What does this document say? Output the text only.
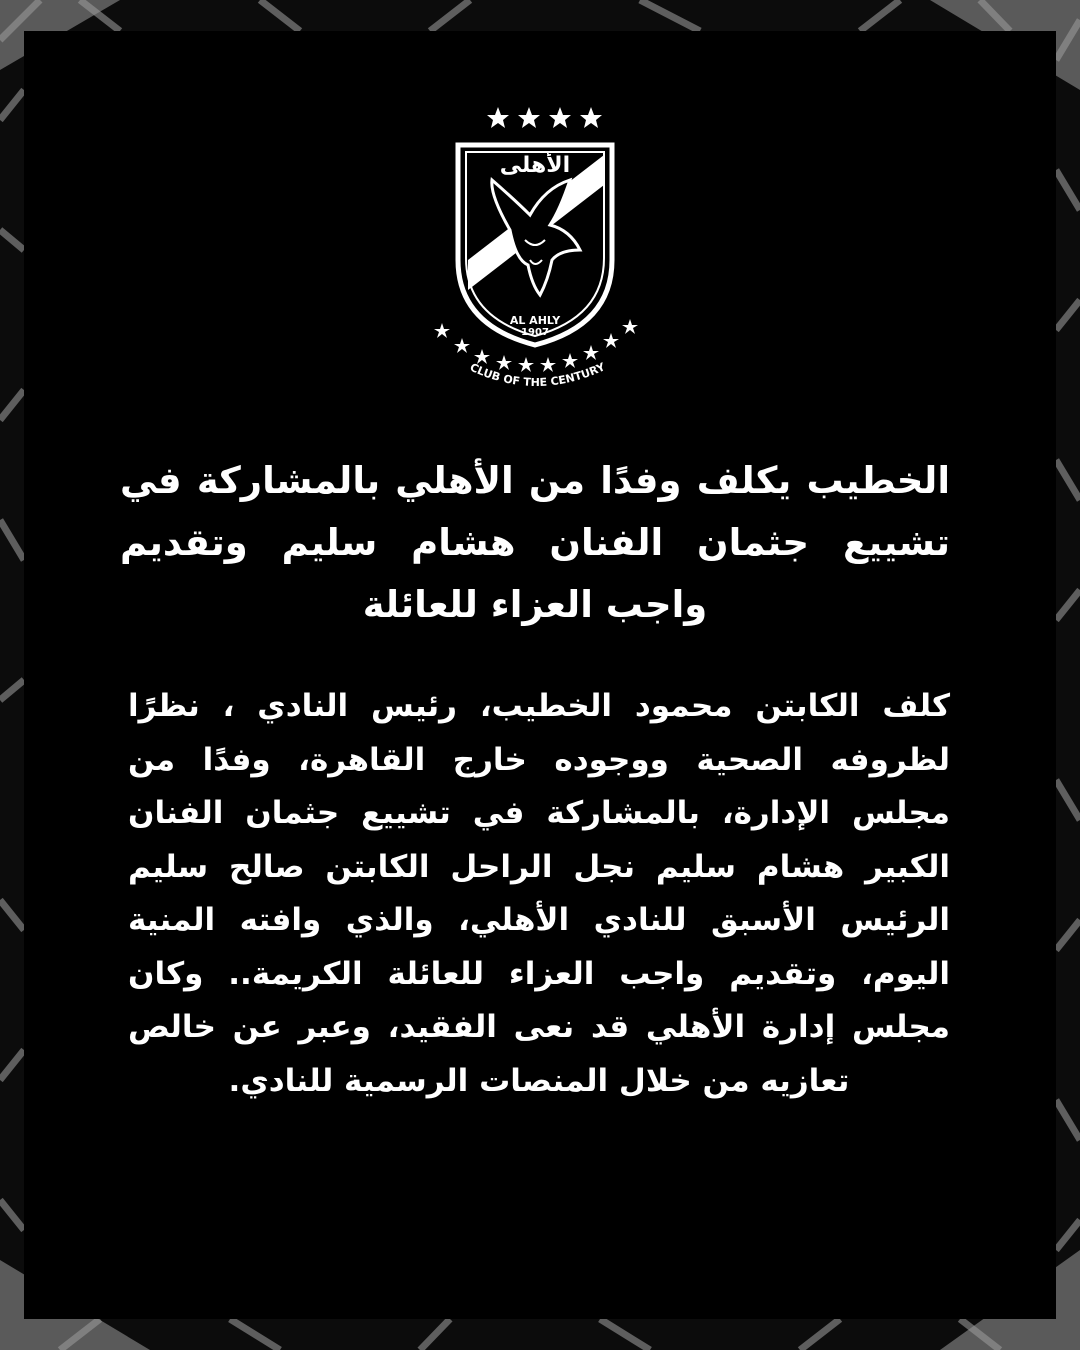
الأهلى
AL AHLY
1907
CLUB OF THE CENTURY

الخطيب يكلف وفدًا من الأهلي بالمشاركة في تشييع جثمان الفنان هشام سليم وتقديم واجب العزاء للعائلة

كلف الكابتن محمود الخطيب، رئيس النادي ، نظرًا لظروفه الصحية ووجوده خارج القاهرة، وفدًا من مجلس الإدارة، بالمشاركة في تشييع جثمان الفنان الكبير هشام سليم نجل الراحل الكابتن صالح سليم الرئيس الأسبق للنادي الأهلي، والذي وافته المنية اليوم، وتقديم واجب العزاء للعائلة الكريمة.. وكان مجلس إدارة الأهلي قد نعى الفقيد، وعبر عن خالص تعازيه من خلال المنصات الرسمية للنادي.
